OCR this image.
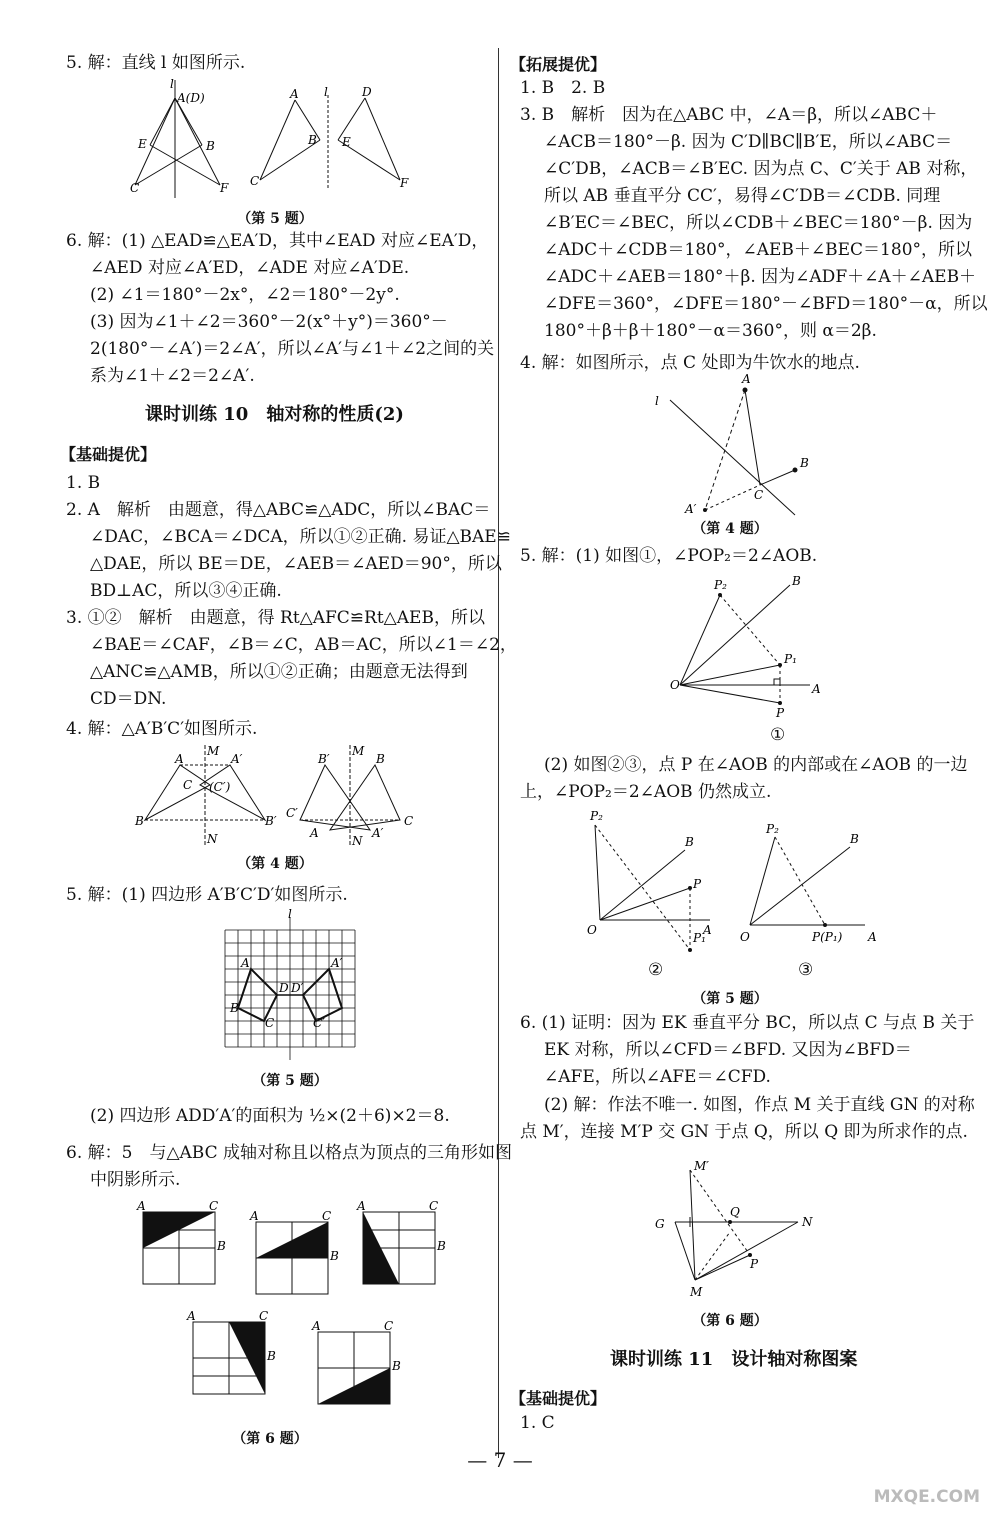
5. 解：直线 l 如图所示.
l
A(D)
E	B
C	F
A	D
l
B E
C	F
（第 5 题）
6. 解：(1) △EAD≌△EA′D，其中∠EAD 对应∠EA′D，
∠AED 对应∠A′ED，∠ADE 对应∠A′DE.
(2) ∠1＝180°－2x°，∠2＝180°－2y°.
(3) 因为∠1＋∠2＝360°－2(x°＋y°)＝360°－
2(180°－∠A′)＝2∠A′，所以∠A′与∠1＋∠2之间的关
系为∠1＋∠2＝2∠A′.
课时训练 10　轴对称的性质(2)
【基础提优】
1. B
2. A　解析　由题意，得△ABC≌△ADC，所以∠BAC＝
∠DAC，∠BCA＝∠DCA，所以①②正确. 易证△BAE≌
△DAE，所以 BE＝DE，∠AEB＝∠AED＝90°，所以
BD⊥AC，所以③④正确.
3. ①②　解析　由题意，得 Rt△AFC≌Rt△AEB，所以
∠BAE＝∠CAF，∠B＝∠C，AB＝AC，所以∠1＝∠2，
△ANC≌△AMB，所以①②正确；由题意无法得到
CD＝DN.
4. 解：△A′B′C′如图所示.
M
A	A′
C (C′)
B	B′
N
M
B′	B
C′
C
A	A′
N
（第 4 题）
5. 解：(1) 四边形 A′B′C′D′如图所示.
l
A	A′
D D′
B
C	C′
（第 5 题）
(2) 四边形 ADD′A′的面积为 ½×(2＋6)×2＝8.
6. 解：5　与△ABC 成轴对称且以格点为顶点的三角形如图
中阴影所示.
A	C
B
A	C
B
A	C
B
A	C
B
A	C
B
（第 6 题）
【拓展提优】
1. B　2. B
3. B　解析　因为在△ABC 中，∠A＝β，所以∠ABC＋
∠ACB＝180°－β. 因为 C′D∥BC∥B′E，所以∠ABC＝
∠C′DB，∠ACB＝∠B′EC. 因为点 C、C′关于 AB 对称，
所以 AB 垂直平分 CC′，易得∠C′DB＝∠CDB. 同理
∠B′EC＝∠BEC，所以∠CDB＋∠BEC＝180°－β. 因为
∠ADC＋∠CDB＝180°，∠AEB＋∠BEC＝180°，所以
∠ADC＋∠AEB＝180°＋β. 因为∠ADF＋∠A＋∠AEB＋
∠DFE＝360°，∠DFE＝180°－∠BFD＝180°－α，所以
180°＋β＋β＋180°－α＝360°，则 α＝2β.
4. 解：如图所示，点 C 处即为牛饮水的地点.
A
B
C
l
A′
（第 4 题）
5. 解：(1) 如图①，∠POP₂＝2∠AOB.
P₂	B
P₁
O	A
P
①
(2) 如图②③，点 P 在∠AOB 的内部或在∠AOB 的一边
上，∠POP₂＝2∠AOB 仍然成立.
P₂
B
P
O	A
P₁
P₂
B
O	P(P₁) A
②	③
（第 5 题）
6. (1) 证明：因为 EK 垂直平分 BC，所以点 C 与点 B 关于
EK 对称，所以∠CFD＝∠BFD. 又因为∠BFD＝
∠AFE，所以∠AFE＝∠CFD.
(2) 解：作法不唯一. 如图，作点 M 关于直线 GN 的对称
点 M′，连接 M′P 交 GN 于点 Q，所以 Q 即为所求作的点.
M′
G
Q
N
P
M
（第 6 题）
课时训练 11　设计轴对称图案
【基础提优】
1. C
— 7 —
MXQE.COM
